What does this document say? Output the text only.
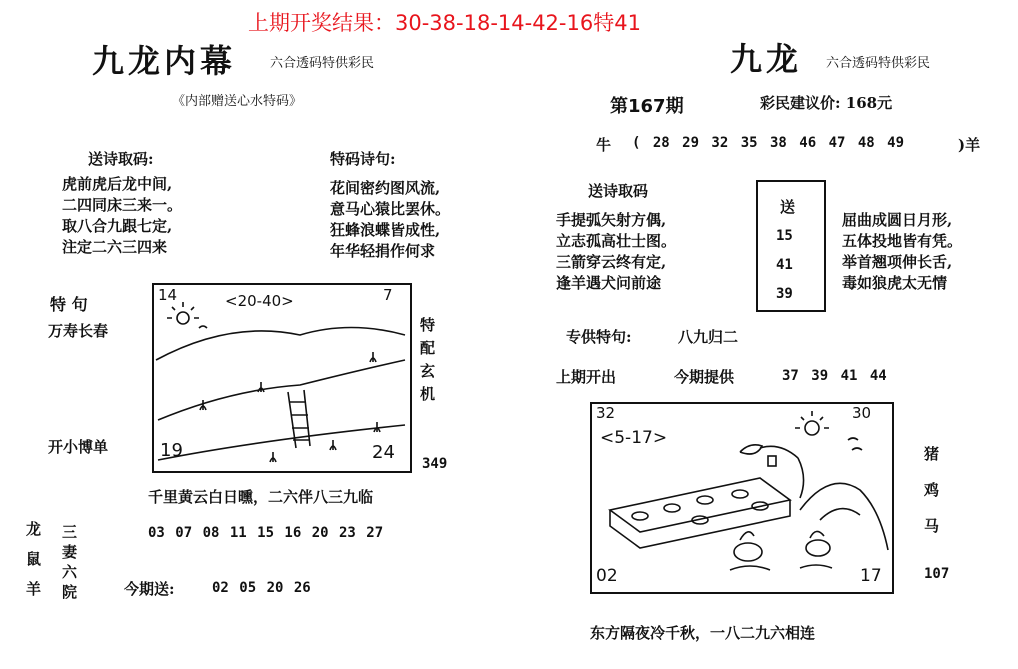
上期开奖结果：30-38-18-14-42-16特41
九龙内幕	六合透码特供彩民
《内部赠送心水特码》
送诗取码:
虎前虎后龙中间,
二四同床三来一。
取八合九跟七定,
注定二六三四来
特码诗句:
花间密约图风流,
意马心猿比罢休。
狂蜂浪蝶皆成性,
年华轻捐作何求
特 句
万寿长春
开小博单
14	7
<20-40>
19	24
特
配
玄
机
349
千里黄云白日曛，二六伴八三九临
龙
鼠
羊
三
妻
六
院
03 07 08 11 15 16 20 23 27
今期送:	02 05 20 26
九龙 六合透码特供彩民
第167期	彩民建议价: 168元
牛 ( 28 29 32 35 38 46 47 48 49	)羊
送诗取码
手提弧矢射方偶,
立志孤高壮士图。
三箭穿云终有定,
逢羊遇犬问前途
送
15
41
39
屈曲成圆日月形,
五体投地皆有凭。
举首翘项伸长舌,
毒如狼虎太无情
专供特句:	八九归二
上期开出	今期提供	37 39 41 44
32	30
<5-17>
02	17
猪
鸡
马
107
东方隔夜冷千秋，一八二九六相连
